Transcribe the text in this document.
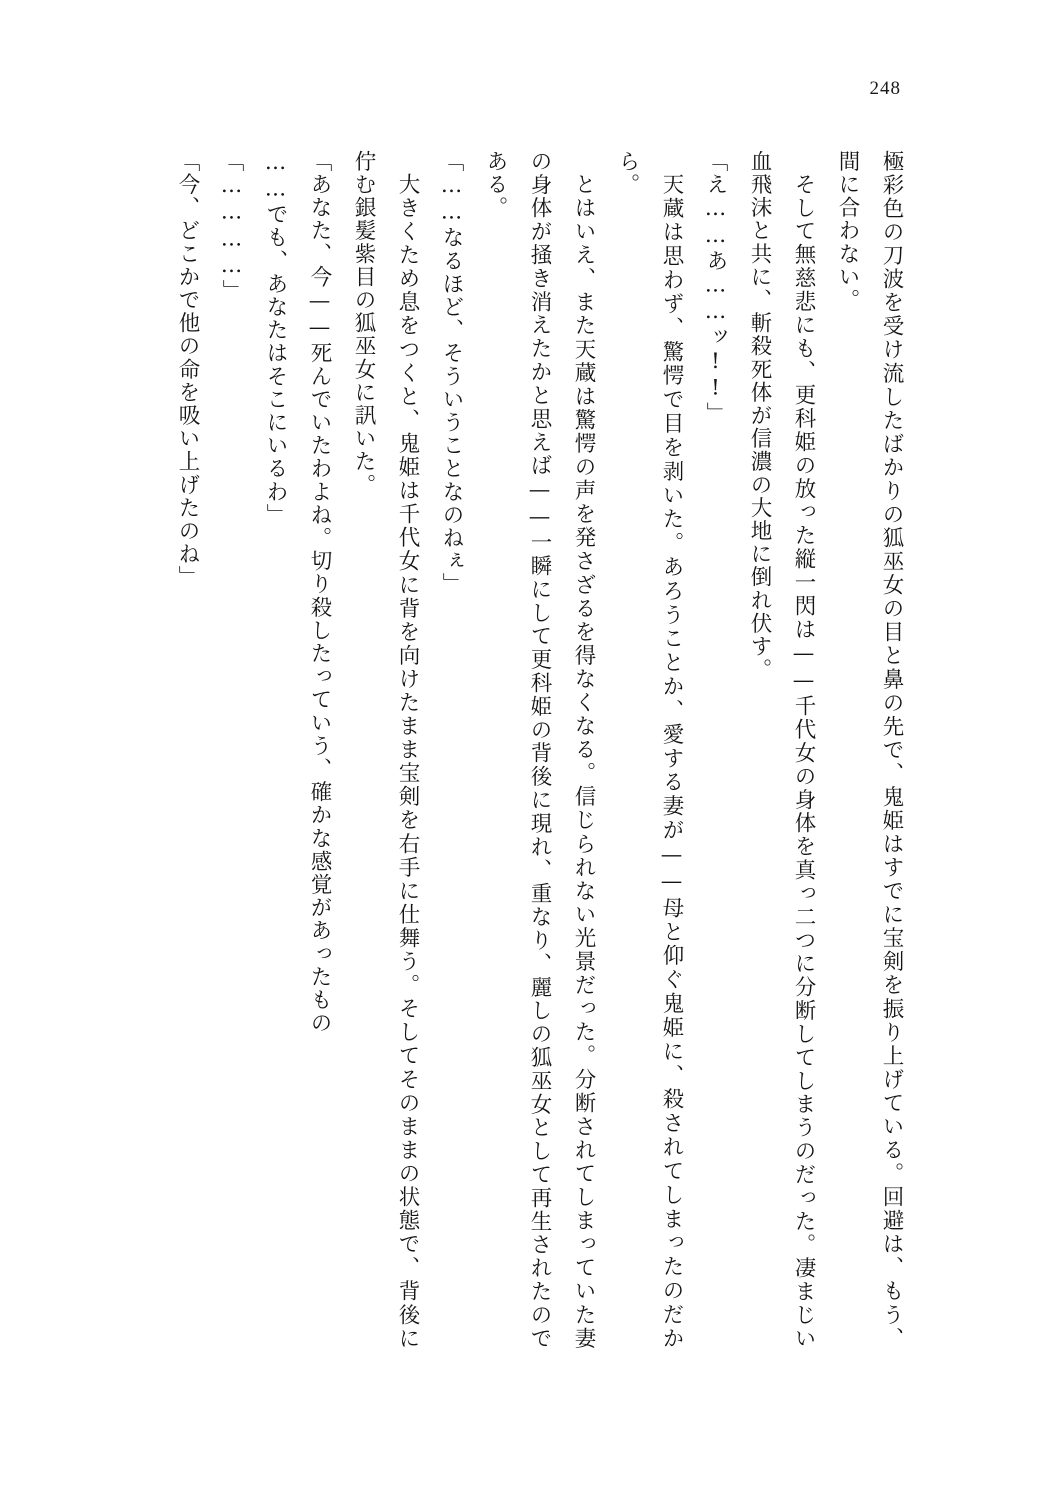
248

極彩色の刀波を受け流したばかりの狐巫女の目と鼻の先で、鬼姫はすでに宝剣を振り上げている。回避は、もう、間に合わない。

そして無慈悲にも、更科姫の放った縦一閃は——千代女の身体を真っ二つに分断してしまうのだった。凄まじい血飛沫と共に、斬殺死体が信濃の大地に倒れ伏す。

「え……あ……ッ!!」

天蔵は思わず、驚愕で目を剥いた。あろうことか、愛する妻が——母と仰ぐ鬼姫に、殺されてしまったのだから。

とはいえ、また天蔵は驚愕の声を発さざるを得なくなる。信じられない光景だった。分断されてしまっていた妻の身体が掻き消えたかと思えば——一瞬にして更科姫の背後に現れ、重なり、麗しの狐巫女として再生されたのである。

「……なるほど、そういうことなのねぇ」

大きくため息をつくと、鬼姫は千代女に背を向けたまま宝剣を右手に仕舞う。そしてそのままの状態で、背後に佇む銀髪紫目の狐巫女に訊いた。

「あなた、今——死んでいたわよね。切り殺したっていう、確かな感覚があったもの

……でも、あなたはそこにいるわ」

「…………」

「今、どこかで他の命を吸い上げたのね」
